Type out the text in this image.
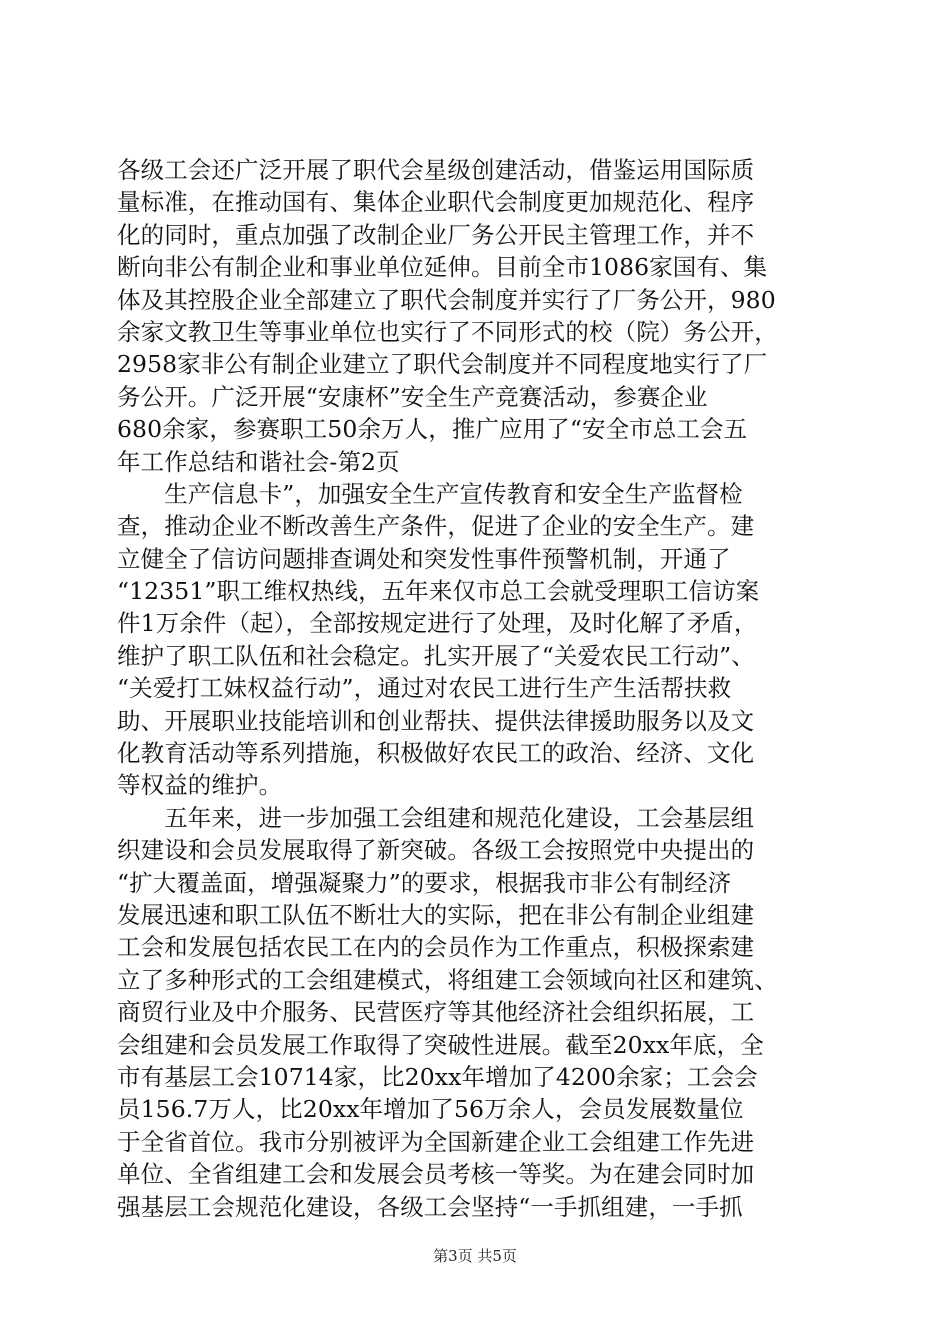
各级工会还广泛开展了职代会星级创建活动，借鉴运用国际质
量标准，在推动国有、集体企业职代会制度更加规范化、程序
化的同时，重点加强了改制企业厂务公开民主管理工作，并不
断向非公有制企业和事业单位延伸。目前全市1086家国有、集
体及其控股企业全部建立了职代会制度并实行了厂务公开，980
余家文教卫生等事业单位也实行了不同形式的校（院）务公开，
2958家非公有制企业建立了职代会制度并不同程度地实行了厂
务公开。广泛开展“安康杯”安全生产竞赛活动，参赛企业
680余家，参赛职工50余万人，推广应用了“安全市总工会五
年工作总结和谐社会-第2页
　　生产信息卡”，加强安全生产宣传教育和安全生产监督检
查，推动企业不断改善生产条件，促进了企业的安全生产。建
立健全了信访问题排查调处和突发性事件预警机制，开通了
“12351”职工维权热线，五年来仅市总工会就受理职工信访案
件1万余件（起），全部按规定进行了处理，及时化解了矛盾，
维护了职工队伍和社会稳定。扎实开展了“关爱农民工行动”、
“关爱打工妹权益行动”，通过对农民工进行生产生活帮扶救
助、开展职业技能培训和创业帮扶、提供法律援助服务以及文
化教育活动等系列措施，积极做好农民工的政治、经济、文化
等权益的维护。
　　五年来，进一步加强工会组建和规范化建设，工会基层组
织建设和会员发展取得了新突破。各级工会按照党中央提出的
“扩大覆盖面，增强凝聚力”的要求，根据我市非公有制经济
发展迅速和职工队伍不断壮大的实际，把在非公有制企业组建
工会和发展包括农民工在内的会员作为工作重点，积极探索建
立了多种形式的工会组建模式，将组建工会领域向社区和建筑、
商贸行业及中介服务、民营医疗等其他经济社会组织拓展，工
会组建和会员发展工作取得了突破性进展。截至20xx年底，全
市有基层工会10714家，比20xx年增加了4200余家；工会会
员156.7万人，比20xx年增加了56万余人，会员发展数量位
于全省首位。我市分别被评为全国新建企业工会组建工作先进
单位、全省组建工会和发展会员考核一等奖。为在建会同时加
强基层工会规范化建设，各级工会坚持“一手抓组建，一手抓
第3页 共5页
